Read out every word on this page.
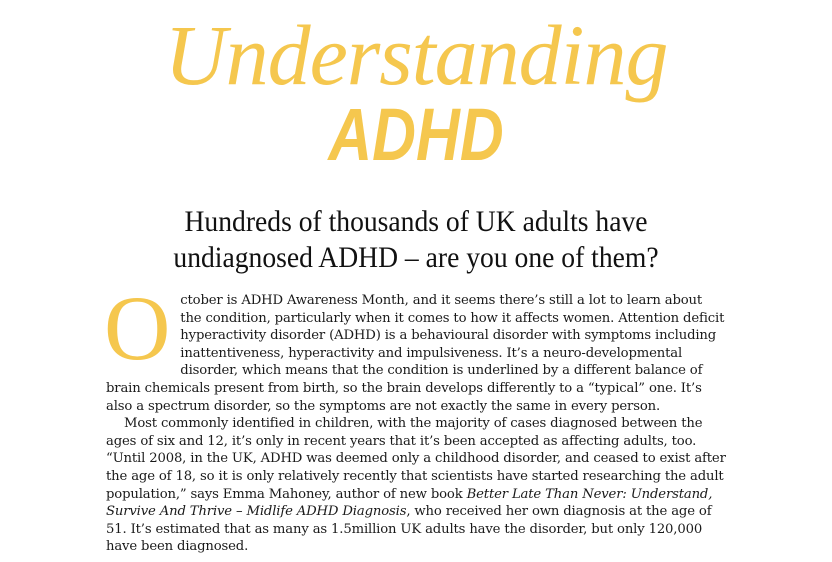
Understanding
ADHD
Hundreds of thousands of UK adults have undiagnosed ADHD – are you one of them?

October is ADHD Awareness Month, and it seems there’s still a lot to learn about the condition, particularly when it comes to how it affects women. Attention deficit hyperactivity disorder (ADHD) is a behavioural disorder with symptoms including inattentiveness, hyperactivity and impulsiveness. It’s a neuro-developmental disorder, which means that the condition is underlined by a different balance of brain chemicals present from birth, so the brain develops differently to a “typical” one. It’s also a spectrum disorder, so the symptoms are not exactly the same in every person.

Most commonly identified in children, with the majority of cases diagnosed between the ages of six and 12, it’s only in recent years that it’s been accepted as affecting adults, too. “Until 2008, in the UK, ADHD was deemed only a childhood disorder, and ceased to exist after the age of 18, so it is only relatively recently that scientists have started researching the adult population,” says Emma Mahoney, author of new book Better Late Than Never: Understand, Survive And Thrive – Midlife ADHD Diagnosis, who received her own diagnosis at the age of 51. It’s estimated that as many as 1.5million UK adults have the disorder, but only 120,000 have been diagnosed.
